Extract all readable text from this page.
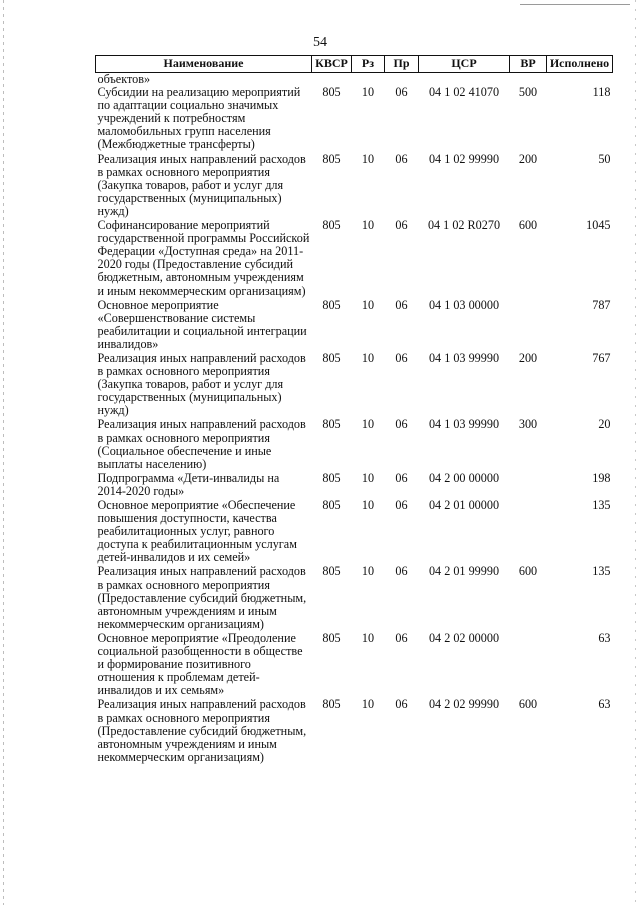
54
Наименование	КВСР	Рз	Пр	ЦСР	ВР	Исполнено
объектов»						
Субсидии на реализацию мероприятий по адаптации социально значимых учреждений к потребностям маломобильных групп населения (Межбюджетные трансферты)	805	10	06	04 1 02 41070	500	118
Реализация иных направлений расходов в рамках основного мероприятия (Закупка товаров, работ и услуг для государственных (муниципальных) нужд)	805	10	06	04 1 02 99990	200	50
Софинансирование мероприятий государственной программы Российской Федерации «Доступная среда» на 2011-2020 годы (Предоставление субсидий бюджетным, автономным учреждениям и иным некоммерческим организациям)	805	10	06	04 1 02 R0270	600	1045
Основное мероприятие «Совершенствование системы реабилитации и социальной интеграции инвалидов»	805	10	06	04 1 03 00000		787
Реализация иных направлений расходов в рамках основного мероприятия (Закупка товаров, работ и услуг для государственных (муниципальных) нужд)	805	10	06	04 1 03 99990	200	767
Реализация иных направлений расходов в рамках основного мероприятия (Социальное обеспечение и иные выплаты населению)	805	10	06	04 1 03 99990	300	20
Подпрограмма «Дети-инвалиды на 2014-2020 годы»	805	10	06	04 2 00 00000		198
Основное мероприятие «Обеспечение повышения доступности, качества реабилитационных услуг, равного доступа к реабилитационным услугам детей-инвалидов и их семей»	805	10	06	04 2 01 00000		135
Реализация иных направлений расходов в рамках основного мероприятия (Предоставление субсидий бюджетным, автономным учреждениям и иным некоммерческим организациям)	805	10	06	04 2 01 99990	600	135
Основное мероприятие «Преодоление социальной разобщенности в обществе и формирование позитивного отношения к проблемам детей-инвалидов и их семьям»	805	10	06	04 2 02 00000		63
Реализация иных направлений расходов в рамках основного мероприятия (Предоставление субсидий бюджетным, автономным учреждениям и иным некоммерческим организациям)	805	10	06	04 2 02 99990	600	63
